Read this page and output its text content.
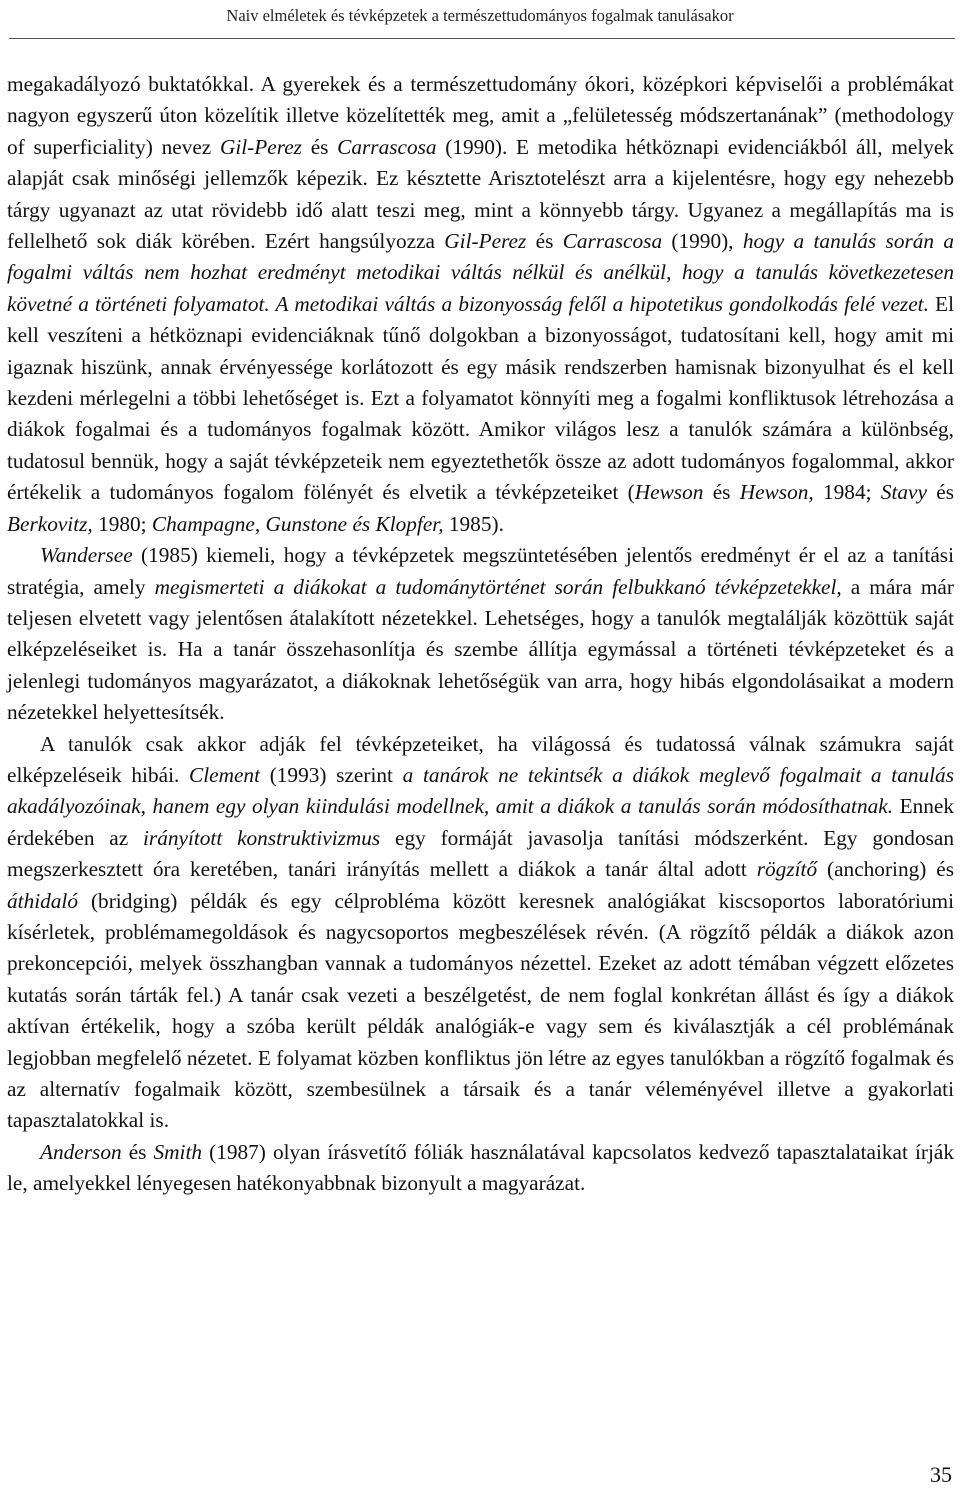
Naiv elméletek és tévképzetek a természettudományos fogalmak tanulásakor

megakadályozó buktatókkal. A gyerekek és a természettudomány ókori, középkori képviselői a problémákat nagyon egyszerű úton közelítik illetve közelítették meg, amit a „felületesség módszertanának” (methodology of superficiality) nevez Gil-Perez és Carrascosa (1990). E metodika hétköznapi evidenciákból áll, melyek alapját csak minőségi jellemzők képezik. Ez késztette Arisztotelészt arra a kijelentésre, hogy egy nehezebb tárgy ugyanazt az utat rövidebb idő alatt teszi meg, mint a könnyebb tárgy. Ugyanez a megállapítás ma is fellelhető sok diák körében. Ezért hangsúlyozza Gil-Perez és Carrascosa (1990), hogy a tanulás során a fogalmi váltás nem hozhat eredményt metodikai váltás nélkül és anélkül, hogy a tanulás következetesen követné a történeti folyamatot. A metodikai váltás a bizonyosság felől a hipotetikus gondolkodás felé vezet. El kell veszíteni a hétköznapi evidenciáknak tűnő dolgokban a bizonyosságot, tudatosítani kell, hogy amit mi igaznak hiszünk, annak érvényessége korlátozott és egy másik rendszerben hamisnak bizonyulhat és el kell kezdeni mérlegelni a többi lehetőséget is. Ezt a folyamatot könnyíti meg a fogalmi konfliktusok létrehozása a diákok fogalmai és a tudományos fogalmak között. Amikor világos lesz a tanulók számára a különbség, tudatosul bennük, hogy a saját tévképzeteik nem egyeztethetők össze az adott tudományos fogalommal, akkor értékelik a tudományos fogalom fölényét és elvetik a tévképzeteiket (Hewson és Hewson, 1984; Stavy és Berkovitz, 1980; Champagne, Gunstone és Klopfer, 1985).

Wandersee (1985) kiemeli, hogy a tévképzetek megszüntetésében jelentős eredményt ér el az a tanítási stratégia, amely megismerteti a diákokat a tudománytörténet során felbukkanó tévképzetekkel, a mára már teljesen elvetett vagy jelentősen átalakított nézetekkel. Lehetséges, hogy a tanulók megtalálják közöttük saját elképzeléseiket is. Ha a tanár összehasonlítja és szembe állítja egymással a történeti tévképzeteket és a jelenlegi tudományos magyarázatot, a diákoknak lehetőségük van arra, hogy hibás elgondolásaikat a modern nézetekkel helyettesítsék.

A tanulók csak akkor adják fel tévképzeteiket, ha világossá és tudatossá válnak számukra saját elképzeléseik hibái. Clement (1993) szerint a tanárok ne tekintsék a diákok meglevő fogalmait a tanulás akadályozóinak, hanem egy olyan kiindulási modellnek, amit a diákok a tanulás során módosíthatnak. Ennek érdekében az irányított konstruktivizmus egy formáját javasolja tanítási módszerként. Egy gondosan megszerkesztett óra keretében, tanári irányítás mellett a diákok a tanár által adott rögzítő (anchoring) és áthidaló (bridging) példák és egy célprobléma között keresnek analógiákat kiscsoportos laboratóriumi kísérletek, problémamegoldások és nagycsoportos megbeszélések révén. (A rögzítő példák a diákok azon prekoncepciói, melyek összhangban vannak a tudományos nézettel. Ezeket az adott témában végzett előzetes kutatás során tárták fel.) A tanár csak vezeti a beszélgetést, de nem foglal konkrétan állást és így a diákok aktívan értékelik, hogy a szóba került példák analógiák-e vagy sem és kiválasztják a cél problémának legjobban megfelelő nézetet. E folyamat közben konfliktus jön létre az egyes tanulókban a rögzítő fogalmak és az alternatív fogalmaik között, szembesülnek a társaik és a tanár véleményével illetve a gyakorlati tapasztalatokkal is.

Anderson és Smith (1987) olyan írásvetítő fóliák használatával kapcsolatos kedvező tapasztalataikat írják le, amelyekkel lényegesen hatékonyabbnak bizonyult a magyarázat.

35
